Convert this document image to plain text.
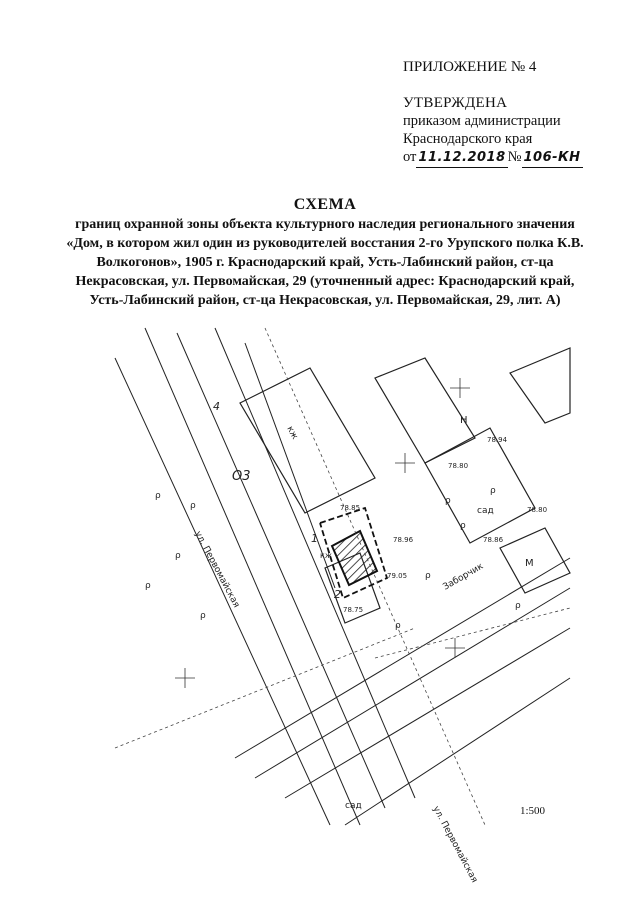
ПРИЛОЖЕНИЕ № 4
УТВЕРЖДЕНА
приказом администрации
Краснодарского края
от 11.12.2018 № 106-КН
СХЕМА
границ охранной зоны объекта культурного наследия регионального значения «Дом, в котором жил один из руководителей восстания 2-го Урупского полка К.В. Волкогонов», 1905 г. Краснодарский край, Усть-Лабинский район, ст-ца Некрасовская, ул. Первомайская, 29 (уточненный адрес: Краснодарский край, Усть-Лабинский район, ст-ца Некрасовская, ул. Первомайская, 29, лит. А)
ρ
ρ
ρ
ρ
ρ
ρ
ρ
ρ
ρ
ρ
ρ
О3
ул. Первомайская
ул. Первомайская
кж
сад
сад
Заборчик
1
2
4
Н
М
кж
78.94
78.80
78.85
78.96
79.05
78.75
78.86
78.80
1:500
